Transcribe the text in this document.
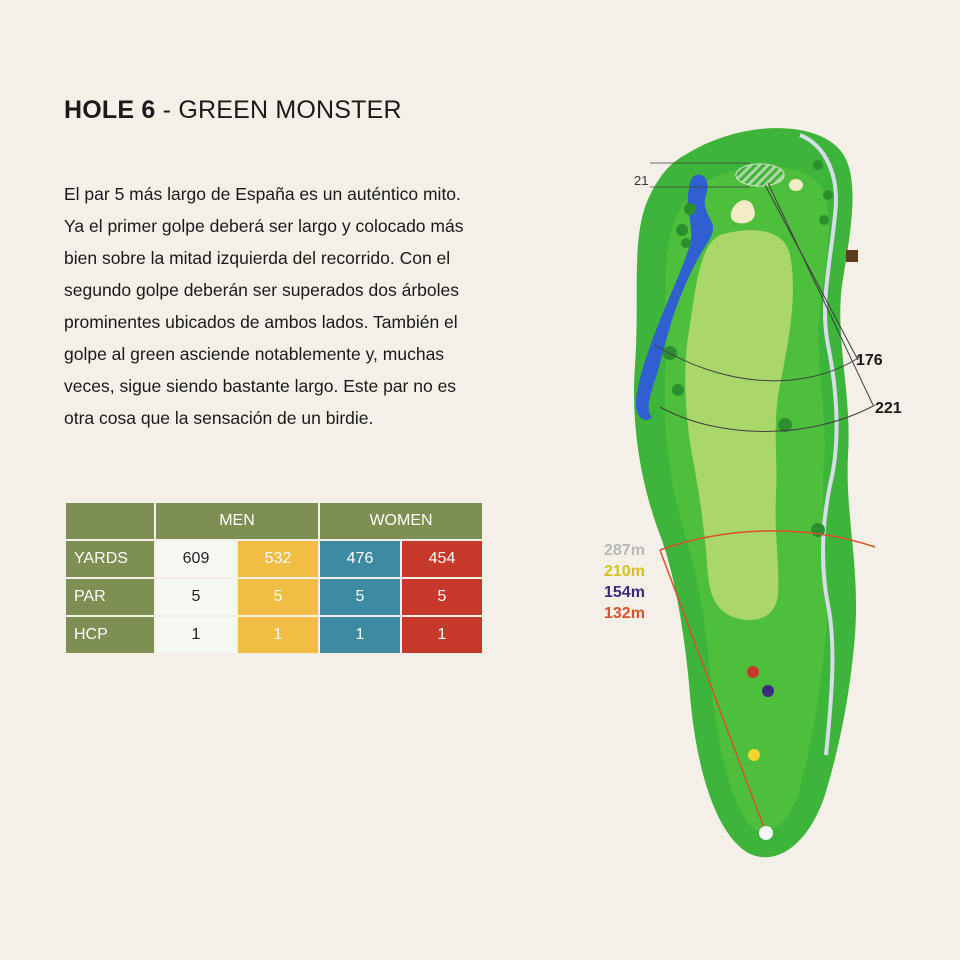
HOLE 6 - GREEN MONSTER

El par 5 más largo de España es un auténtico mito. Ya el primer golpe deberá ser largo y colocado más bien sobre la mitad izquierda del recorrido. Con el segundo golpe deberán ser superados dos árboles prominentes ubicados de ambos lados. También el golpe al green asciende notablemente y, muchas veces, sigue siendo bastante largo. Este par no es otra cosa que la sensación de un birdie.

	MEN		WOMEN	
YARDS	609	532	476	454
PAR	5	5	5	5
HCP	1	1	1	1
21
176
221
287m
210m
154m
132m
